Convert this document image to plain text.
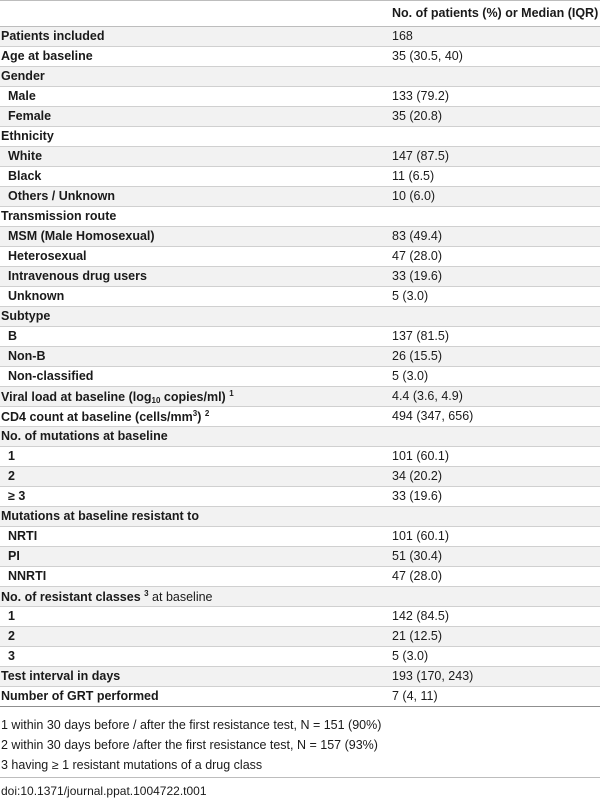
No. of patients (%) or Median (IQR)
Patients included	168
Age at baseline	35 (30.5, 40)
Gender
Male	133 (79.2)
Female	35 (20.8)
Ethnicity
White	147 (87.5)
Black	11 (6.5)
Others / Unknown	10 (6.0)
Transmission route
MSM (Male Homosexual)	83 (49.4)
Heterosexual	47 (28.0)
Intravenous drug users	33 (19.6)
Unknown	5 (3.0)
Subtype
B	137 (81.5)
Non-B	26 (15.5)
Non-classified	5 (3.0)
Viral load at baseline ($\log_{10}$ copies/ml) $^1$	4.4 (3.6, 4.9)
CD4 count at baseline $(cells/mm^3)$ $^2$	494 (347, 656)
No. of mutations at baseline
1	101 (60.1)
2	34 (20.2)
≥ 3	33 (19.6)
Mutations at baseline resistant to
NRTI	101 (60.1)
PI	51 (30.4)
NNRTI	47 (28.0)
No. of resistant classes $^3$ at baseline
1	142 (84.5)
2	21 (12.5)
3	5 (3.0)
Test interval in days	193 (170, 243)
Number of GRT performed	7 (4, 11)
1 within 30 days before / after the first resistance test, N = 151 (90%)
2 within 30 days before /after the first resistance test, N = 157 (93%)
3 having ≥ 1 resistant mutations of a drug class
doi:10.1371/journal.ppat.1004722.t001
